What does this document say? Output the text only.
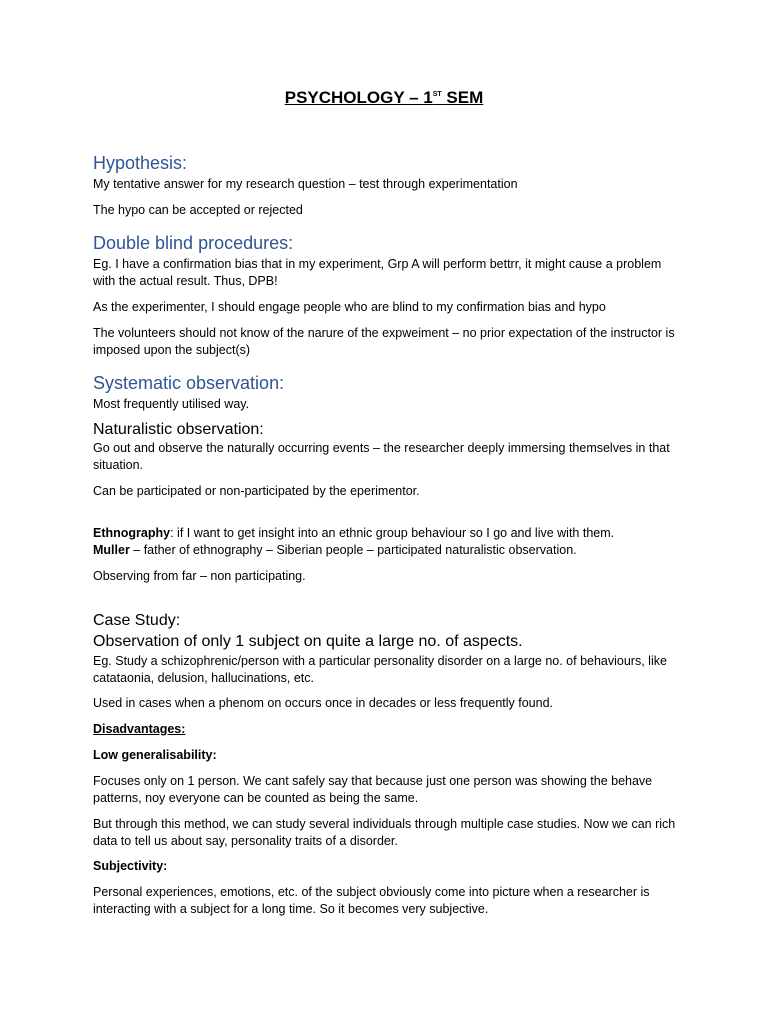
PSYCHOLOGY – 1ST SEM
Hypothesis:
My tentative answer for my research question – test through experimentation
The hypo can be accepted or rejected
Double blind procedures:
Eg. I have a confirmation bias that in my experiment, Grp A will perform bettrr, it might cause a problem with the actual result. Thus, DPB!
As the experimenter, I should engage people who are blind to my confirmation bias and hypo
The volunteers should not know of the narure of the expweiment – no prior expectation of the instructor is imposed upon the subject(s)
Systematic observation:
Most frequently utilised way.
Naturalistic observation:
Go out and observe the naturally occurring events – the researcher deeply immersing themselves in that situation.
Can be participated or non-participated by the eperimentor.
Ethnography: if I want to get insight into an ethnic group behaviour so I go and live with them.
Muller – father of ethnography – Siberian people – participated naturalistic observation.
Observing from far – non participating.
Case Study:
Observation of only 1 subject on quite a large no. of aspects.
Eg. Study a schizophrenic/person with a particular personality disorder on a large no. of behaviours, like catataonia, delusion, hallucinations, etc.
Used in cases when a phenom on occurs once in decades or less frequently found.
Disadvantages:
Low generalisability:
Focuses only on 1 person. We cant safely say that because just one person was showing the behave patterns, noy everyone can be counted as being the same.
But through this method, we can study several individuals through multiple case studies. Now we can rich data to tell us about say, personality traits of a disorder.
Subjectivity:
Personal experiences, emotions, etc. of the subject obviously come into picture when a researcher is interacting with a subject for a long time. So it becomes very subjective.
